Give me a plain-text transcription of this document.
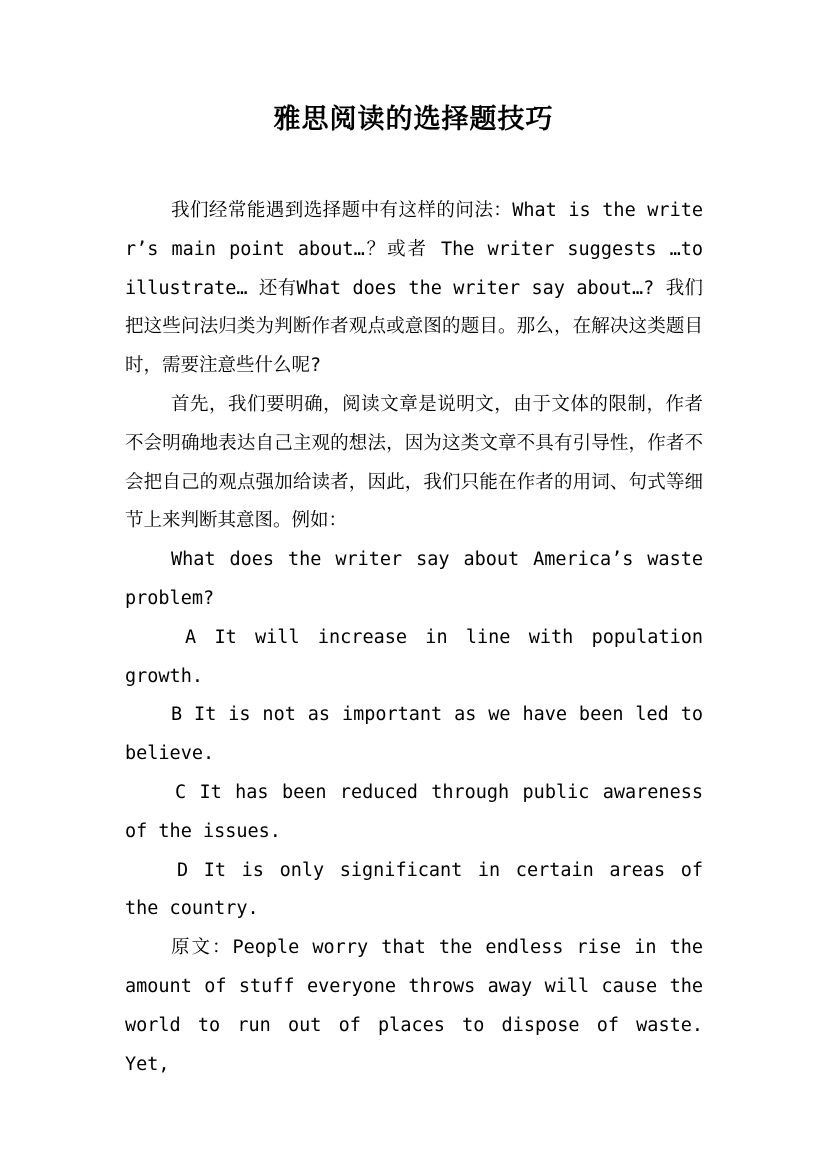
雅思阅读的选择题技巧

我们经常能遇到选择题中有这样的问法：What is the writer’s main point about…？或者 The writer suggests …to illustrate… 还有What does the writer say about…? 我们把这些问法归类为判断作者观点或意图的题目。那么，在解决这类题目时，需要注意些什么呢?

首先，我们要明确，阅读文章是说明文，由于文体的限制，作者不会明确地表达自己主观的想法，因为这类文章不具有引导性，作者不会把自己的观点强加给读者，因此，我们只能在作者的用词、句式等细节上来判断其意图。例如：

What does the writer say about America’s waste problem?

A It will increase in line with population growth.

B It is not as important as we have been led to believe.

C It has been reduced through public awareness of the issues.

D It is only significant in certain areas of the country.

原文：People worry that the endless rise in the amount of stuff everyone throws away will cause the world to run out of places to dispose of waste. Yet,
